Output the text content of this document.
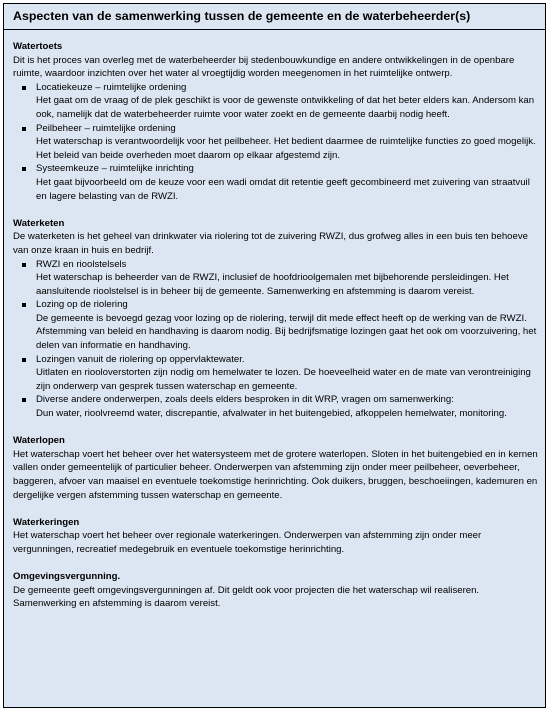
Aspecten van de samenwerking tussen de gemeente en de waterbeheerder(s)
Watertoets
Dit is het proces van overleg met de waterbeheerder bij stedenbouwkundige en andere ontwikkelingen in de openbare ruimte, waardoor inzichten over het water al vroegtijdig worden meegenomen in het ruimtelijke ontwerp.
Locatiekeuze – ruimtelijke ordening
Het gaat om de vraag of de plek geschikt is voor de gewenste ontwikkeling of dat het beter elders kan. Andersom kan ook, namelijk dat de waterbeheerder ruimte voor water zoekt en de gemeente daarbij nodig heeft.
Peilbeheer – ruimtelijke ordening
Het waterschap is verantwoordelijk voor het peilbeheer. Het bedient daarmee de ruimtelijke functies zo goed mogelijk. Het beleid van beide overheden moet daarom op elkaar afgestemd zijn.
Systeemkeuze – ruimtelijke inrichting
Het gaat bijvoorbeeld om de keuze voor een wadi omdat dit retentie geeft gecombineerd met zuivering van straatvuil en lagere belasting van de RWZI.
Waterketen
De waterketen is het geheel van drinkwater via riolering tot de zuivering RWZI, dus grofweg alles in een buis ten behoeve van onze kraan in huis en bedrijf.
RWZI en rioolstelsels
Het waterschap is beheerder van de RWZI, inclusief de hoofdrioolgemalen met bijbehorende persleidingen. Het aansluitende rioolstelsel is in beheer bij de gemeente. Samenwerking en afstemming is daarom vereist.
Lozing op de riolering
De gemeente is bevoegd gezag voor lozing op de riolering, terwijl dit mede effect heeft op de werking van de RWZI. Afstemming van beleid en handhaving is daarom nodig. Bij bedrijfsmatige lozingen gaat het ook om voorzuivering, het delen van informatie en handhaving.
Lozingen vanuit de riolering op oppervlaktewater.
Uitlaten en riooloverstorten zijn nodig om hemelwater te lozen. De hoeveelheid water en de mate van verontreiniging zijn onderwerp van gesprek tussen waterschap en gemeente.
Diverse andere onderwerpen, zoals deels elders besproken in dit WRP, vragen om samenwerking:
Dun water, rioolvreemd water, discrepantie, afvalwater in het buitengebied, afkoppelen hemelwater, monitoring.
Waterlopen
Het waterschap voert het beheer over het watersysteem met de grotere waterlopen. Sloten in het buitengebied en in kernen vallen onder gemeentelijk of particulier beheer. Onderwerpen van afstemming zijn onder meer peilbeheer, oeverbeheer, baggeren, afvoer van maaisel en eventuele toekomstige herinrichting. Ook duikers, bruggen, beschoeiingen, kademuren en dergelijke vergen afstemming tussen waterschap en gemeente.
Waterkeringen
Het waterschap voert het beheer over regionale waterkeringen. Onderwerpen van afstemming zijn onder meer vergunningen, recreatief medegebruik en eventuele toekomstige herinrichting.
Omgevingsvergunning.
De gemeente geeft omgevingsvergunningen af. Dit geldt ook voor projecten die het waterschap wil realiseren. Samenwerking en afstemming is daarom vereist.
